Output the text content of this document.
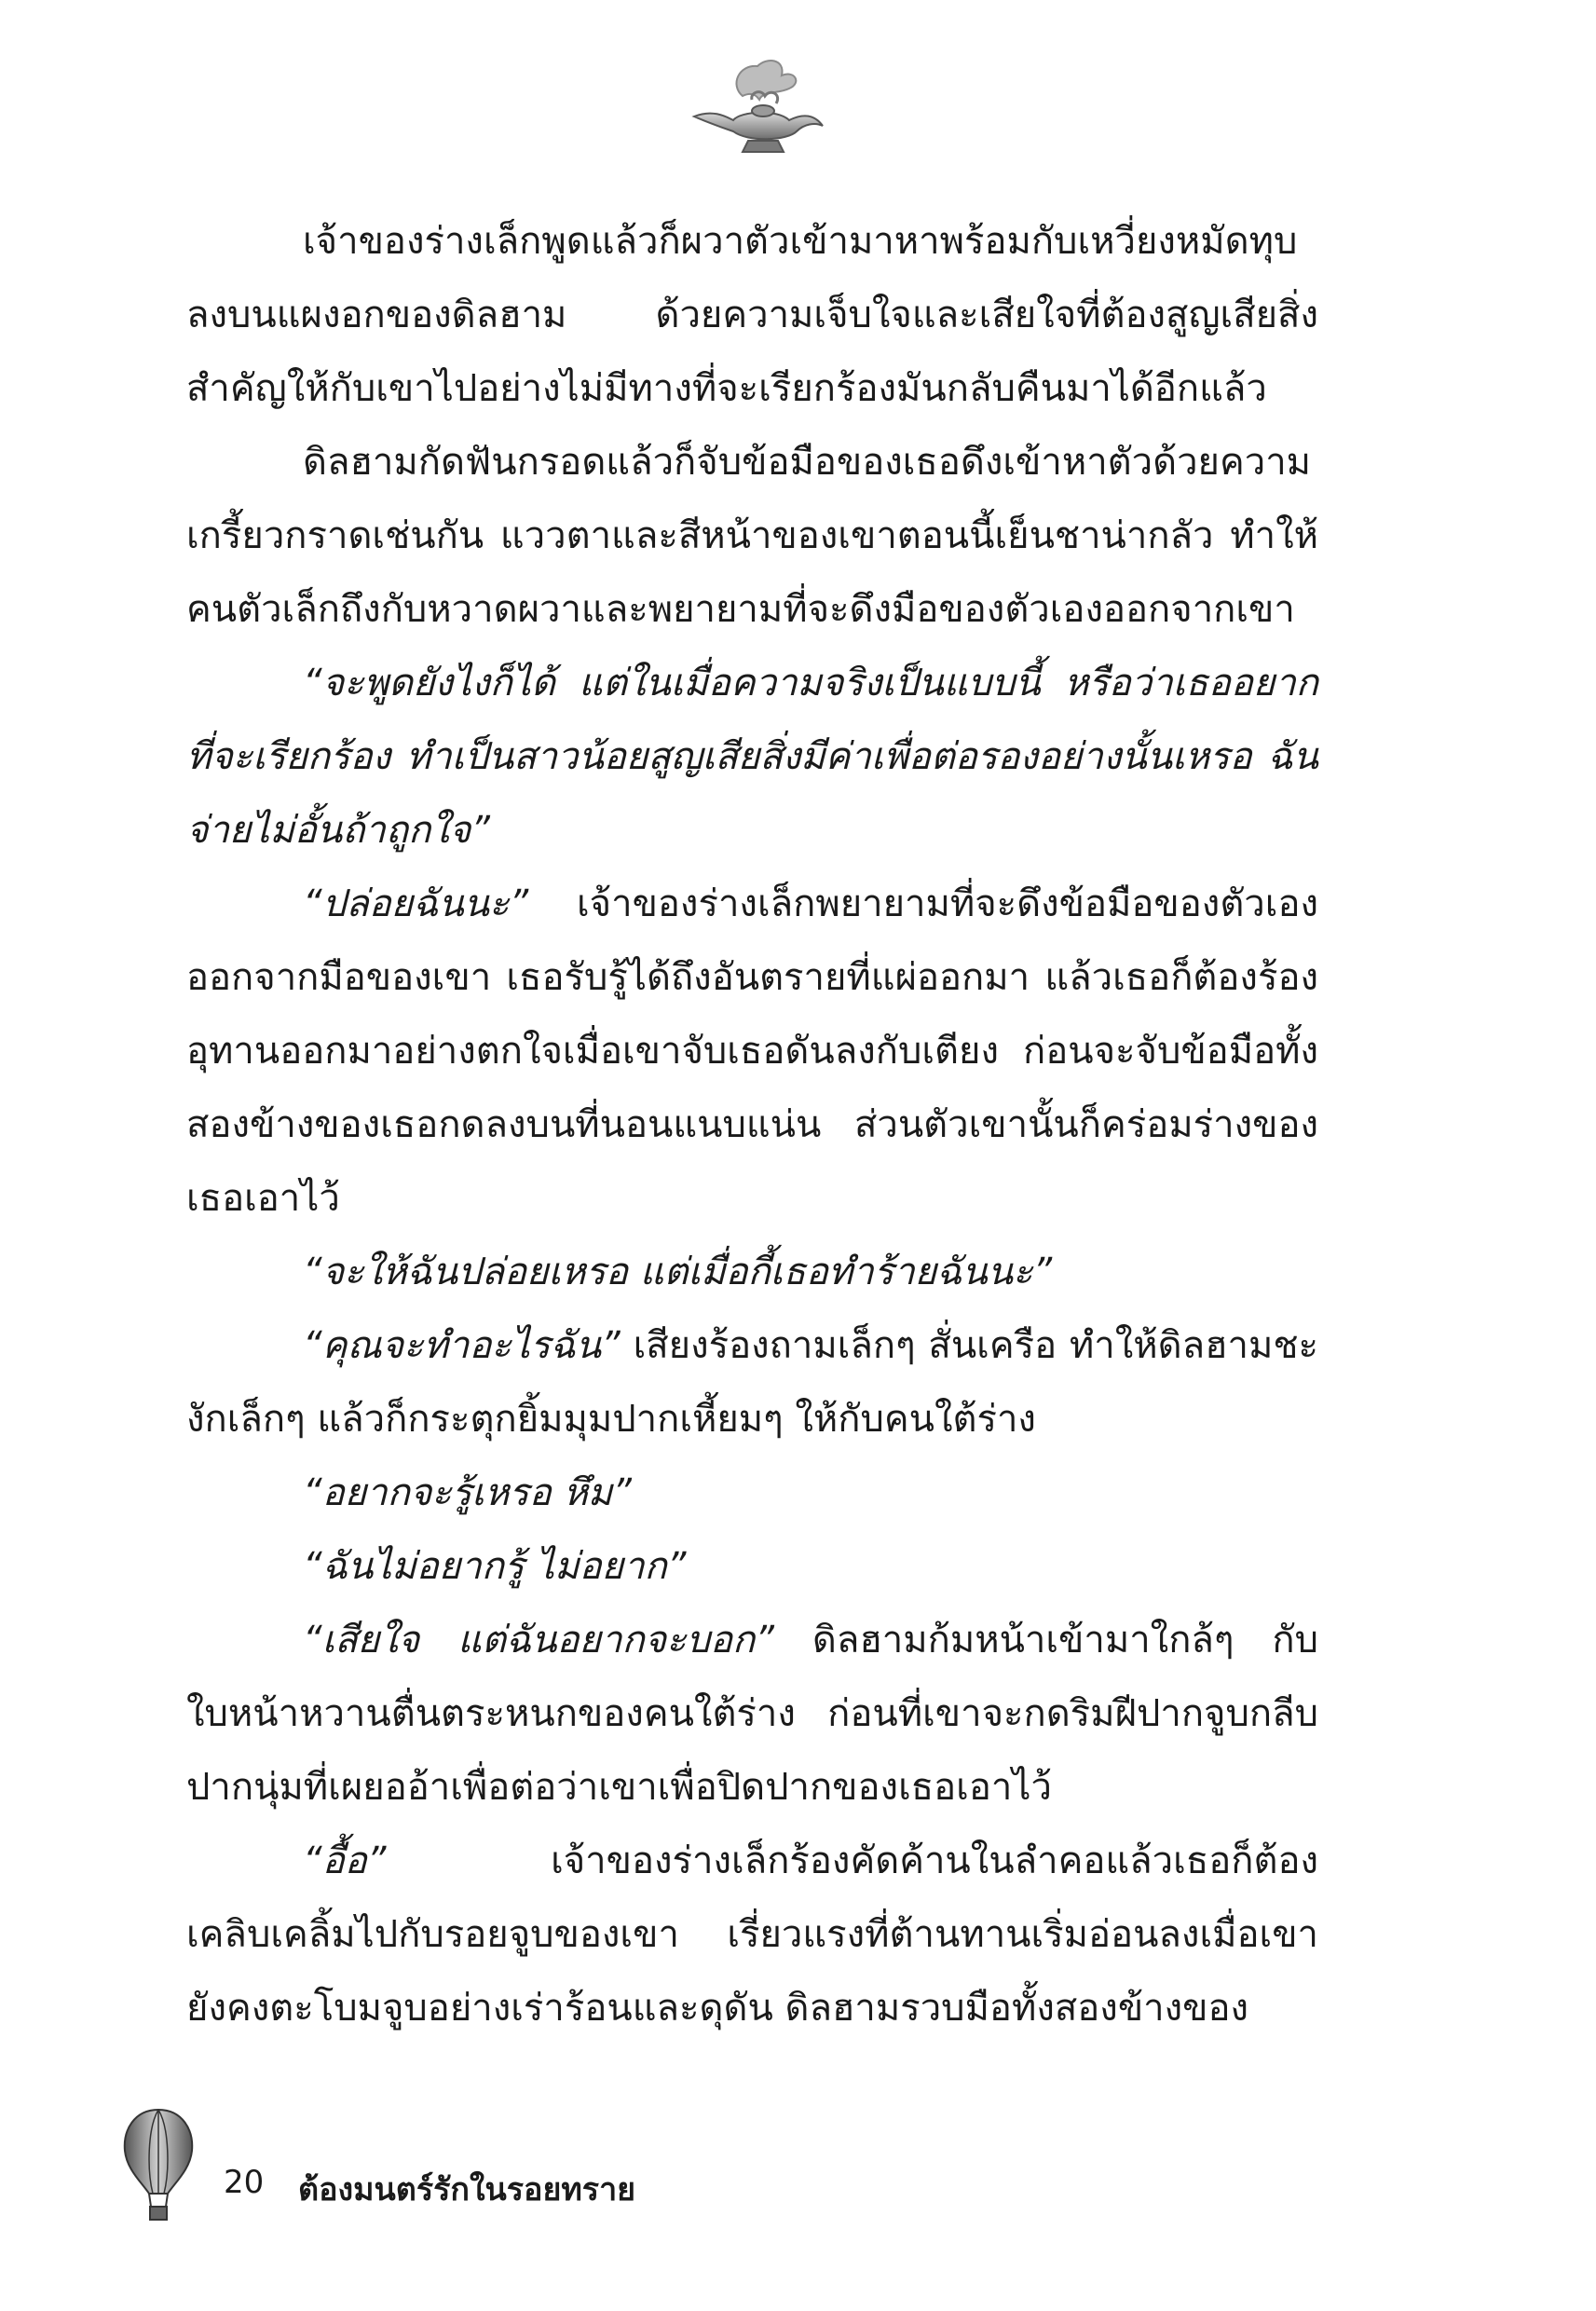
เจ้าของร่างเล็กพูดแล้วก็ผวาตัวเข้ามาหาพร้อมกับเหวี่ยงหมัดทุบลงบนแผงอกของดิลฮาม ด้วยความเจ็บใจและเสียใจที่ต้องสูญเสียสิ่งสำคัญให้กับเขาไปอย่างไม่มีทางที่จะเรียกร้องมันกลับคืนมาได้อีกแล้ว

ดิลฮามกัดฟันกรอดแล้วก็จับข้อมือของเธอดึงเข้าหาตัวด้วยความเกรี้ยวกราดเช่นกัน แววตาและสีหน้าของเขาตอนนี้เย็นชาน่ากลัว ทำให้คนตัวเล็กถึงกับหวาดผวาและพยายามที่จะดึงมือของตัวเองออกจากเขา

“จะพูดยังไงก็ได้ แต่ในเมื่อความจริงเป็นแบบนี้ หรือว่าเธออยากที่จะเรียกร้อง ทำเป็นสาวน้อยสูญเสียสิ่งมีค่าเพื่อต่อรองอย่างนั้นเหรอ ฉันจ่ายไม่อั้นถ้าถูกใจ”

“ปล่อยฉันนะ” เจ้าของร่างเล็กพยายามที่จะดึงข้อมือของตัวเองออกจากมือของเขา เธอรับรู้ได้ถึงอันตรายที่แผ่ออกมา แล้วเธอก็ต้องร้องอุทานออกมาอย่างตกใจเมื่อเขาจับเธอดันลงกับเตียง ก่อนจะจับข้อมือทั้งสองข้างของเธอกดลงบนที่นอนแนบแน่น ส่วนตัวเขานั้นก็คร่อมร่างของเธอเอาไว้

“จะให้ฉันปล่อยเหรอ แต่เมื่อกี้เธอทำร้ายฉันนะ”

“คุณจะทำอะไรฉัน” เสียงร้องถามเล็กๆ สั่นเครือ ทำให้ดิลฮามชะงักเล็กๆ แล้วก็กระตุกยิ้มมุมปากเหี้ยมๆ ให้กับคนใต้ร่าง

“อยากจะรู้เหรอ หึม”

“ฉันไม่อยากรู้ ไม่อยาก”

“เสียใจ แต่ฉันอยากจะบอก” ดิลฮามก้มหน้าเข้ามาใกล้ๆ กับใบหน้าหวานตื่นตระหนกของคนใต้ร่าง ก่อนที่เขาจะกดริมฝีปากจูบกลีบปากนุ่มที่เผยออ้าเพื่อต่อว่าเขาเพื่อปิดปากของเธอเอาไว้

“อื้อ” เจ้าของร่างเล็กร้องคัดค้านในลำคอแล้วเธอก็ต้องเคลิบเคลิ้มไปกับรอยจูบของเขา เรี่ยวแรงที่ต้านทานเริ่มอ่อนลงเมื่อเขายังคงตะโบมจูบอย่างเร่าร้อนและดุดัน ดิลฮามรวบมือทั้งสองข้างของ

20 ต้องมนตร์รักในรอยทราย
